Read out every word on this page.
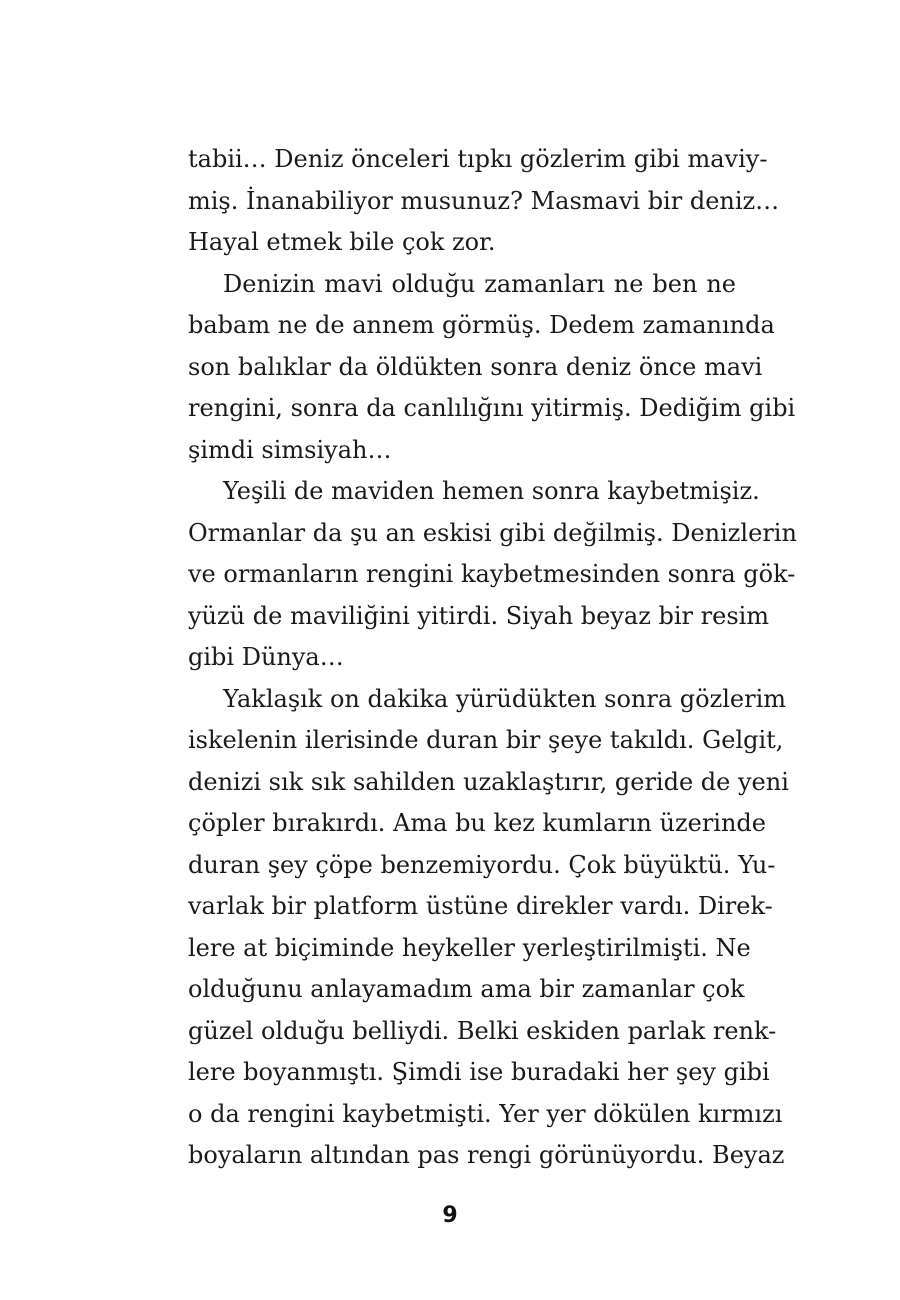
tabii… Deniz önceleri tıpkı gözlerim gibi maviy-
miş. İnanabiliyor musunuz? Masmavi bir deniz…
Hayal etmek bile çok zor.
Denizin mavi olduğu zamanları ne ben ne
babam ne de annem görmüş. Dedem zamanında
son balıklar da öldükten sonra deniz önce mavi
rengini, sonra da canlılığını yitirmiş. Dediğim gibi
şimdi simsiyah…
Yeşili de maviden hemen sonra kaybetmişiz.
Ormanlar da şu an eskisi gibi değilmiş. Denizlerin
ve ormanların rengini kaybetmesinden sonra gök-
yüzü de maviliğini yitirdi. Siyah beyaz bir resim
gibi Dünya…
Yaklaşık on dakika yürüdükten sonra gözlerim
iskelenin ilerisinde duran bir şeye takıldı. Gelgit,
denizi sık sık sahilden uzaklaştırır, geride de yeni
çöpler bırakırdı. Ama bu kez kumların üzerinde
duran şey çöpe benzemiyordu. Çok büyüktü. Yu-
varlak bir platform üstüne direkler vardı. Direk-
lere at biçiminde heykeller yerleştirilmişti. Ne
olduğunu anlayamadım ama bir zamanlar çok
güzel olduğu belliydi. Belki eskiden parlak renk-
lere boyanmıştı. Şimdi ise buradaki her şey gibi
o da rengini kaybetmişti. Yer yer dökülen kırmızı
boyaların altından pas rengi görünüyordu. Beyaz
9
